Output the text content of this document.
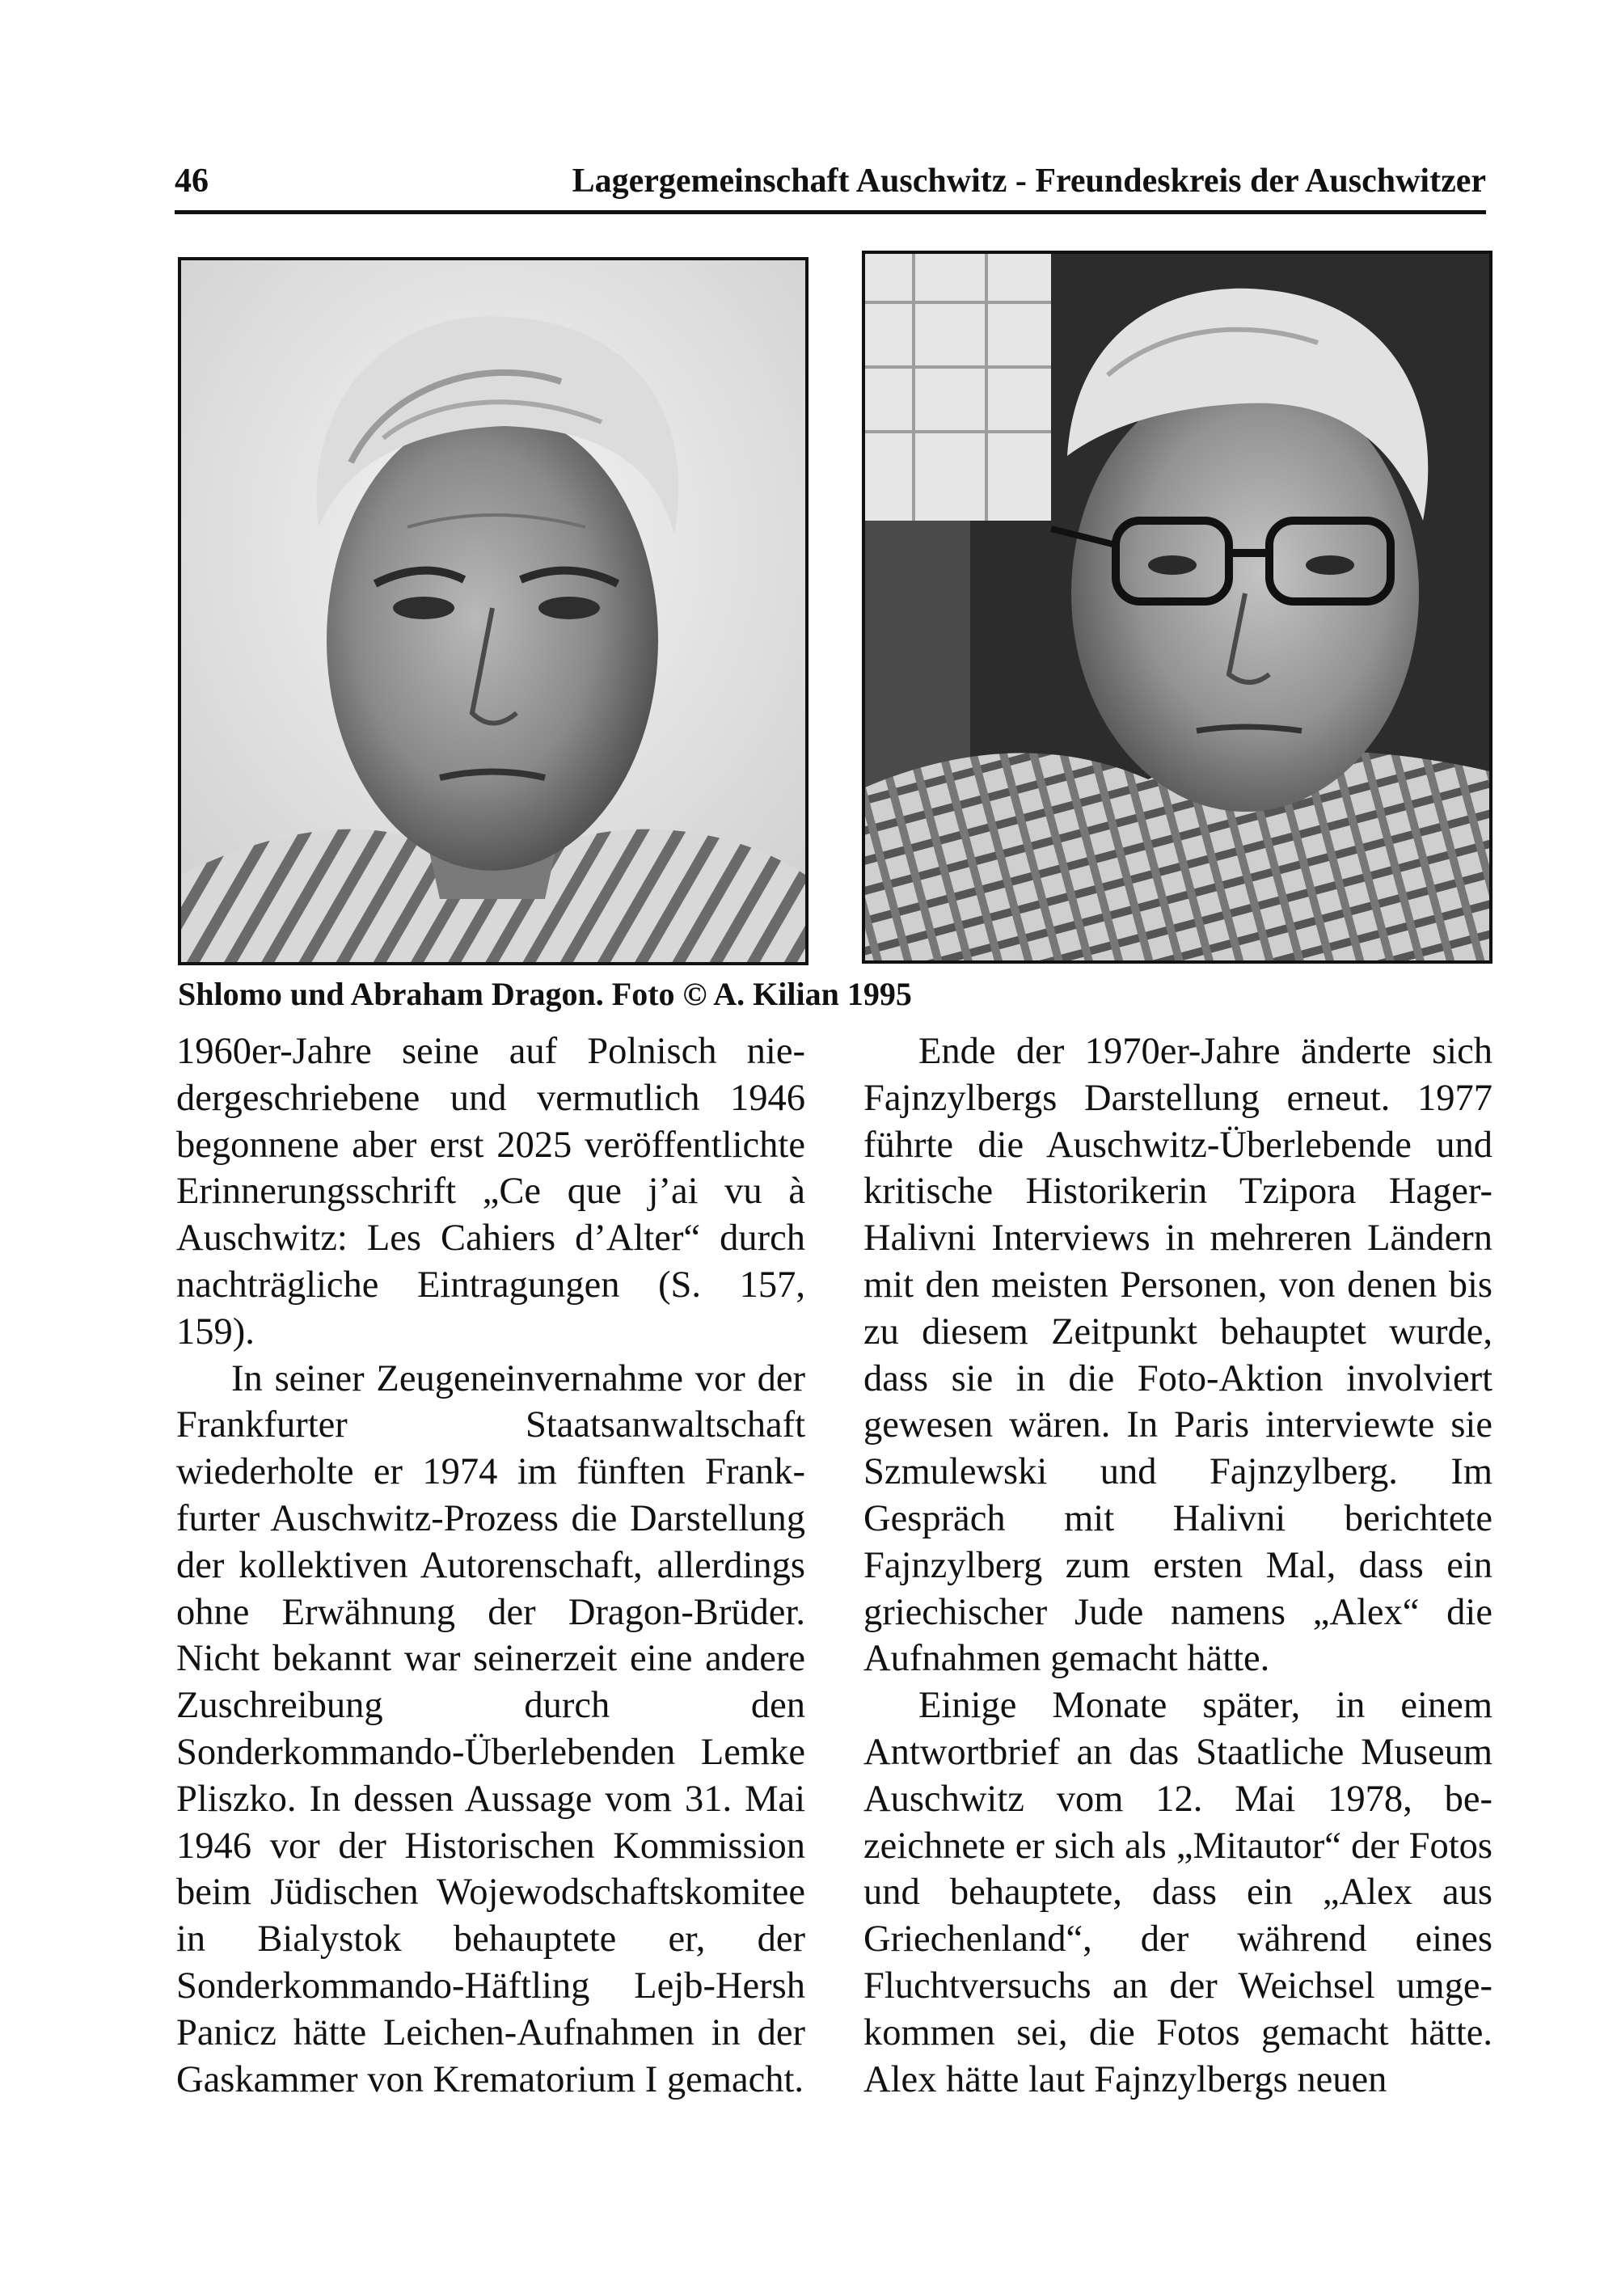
46	Lagergemeinschaft Auschwitz - Freundeskreis der Auschwitzer
Shlomo und Abraham Dragon. Foto © A. Kilian 1995

1960er-Jahre seine auf Polnisch niedergeschriebene und vermutlich 1946 begonnene aber erst 2025 veröffentlichte Erinnerungsschrift „Ce que j’ai vu à Auschwitz: Les Cahiers d’Alter“ durch nachträgliche Eintragungen (S. 157, 159).

In seiner Zeugeneinvernahme vor der Frankfurter Staatsanwaltschaft wiederholte er 1974 im fünften Frankfurter Auschwitz-Prozess die Darstellung der kollektiven Autorenschaft, allerdings ohne Erwähnung der Dragon-Brüder. Nicht bekannt war seinerzeit eine andere Zuschreibung durch den Sonderkommando-Überlebenden Lemke Pliszko. In dessen Aussage vom 31. Mai 1946 vor der Historischen Kommission beim Jüdischen Wojewodschaftskomitee in Bialystok behauptete er, der Sonderkommando-Häftling Lejb-Hersh Panicz hätte Leichen-Aufnahmen in der Gaskammer von Krematorium I gemacht.

Ende der 1970er-Jahre änderte sich Fajnzylbergs Darstellung erneut. 1977 führte die Auschwitz-Überlebende und kritische Historikerin Tzipora Hager-Halivni Interviews in mehreren Ländern mit den meisten Personen, von denen bis zu diesem Zeitpunkt behauptet wurde, dass sie in die Foto-Aktion involviert gewesen wären. In Paris interviewte sie Szmulewski und Fajnzylberg. Im Gespräch mit Halivni berichtete Fajnzylberg zum ersten Mal, dass ein griechischer Jude namens „Alex“ die Aufnahmen gemacht hätte.

Einige Monate später, in einem Antwortbrief an das Staatliche Museum Auschwitz vom 12. Mai 1978, bezeichnete er sich als „Mitautor“ der Fotos und behauptete, dass ein „Alex aus Griechenland“, der während eines Fluchtversuchs an der Weichsel umgekommen sei, die Fotos gemacht hätte. Alex hätte laut Fajnzylbergs neuen
